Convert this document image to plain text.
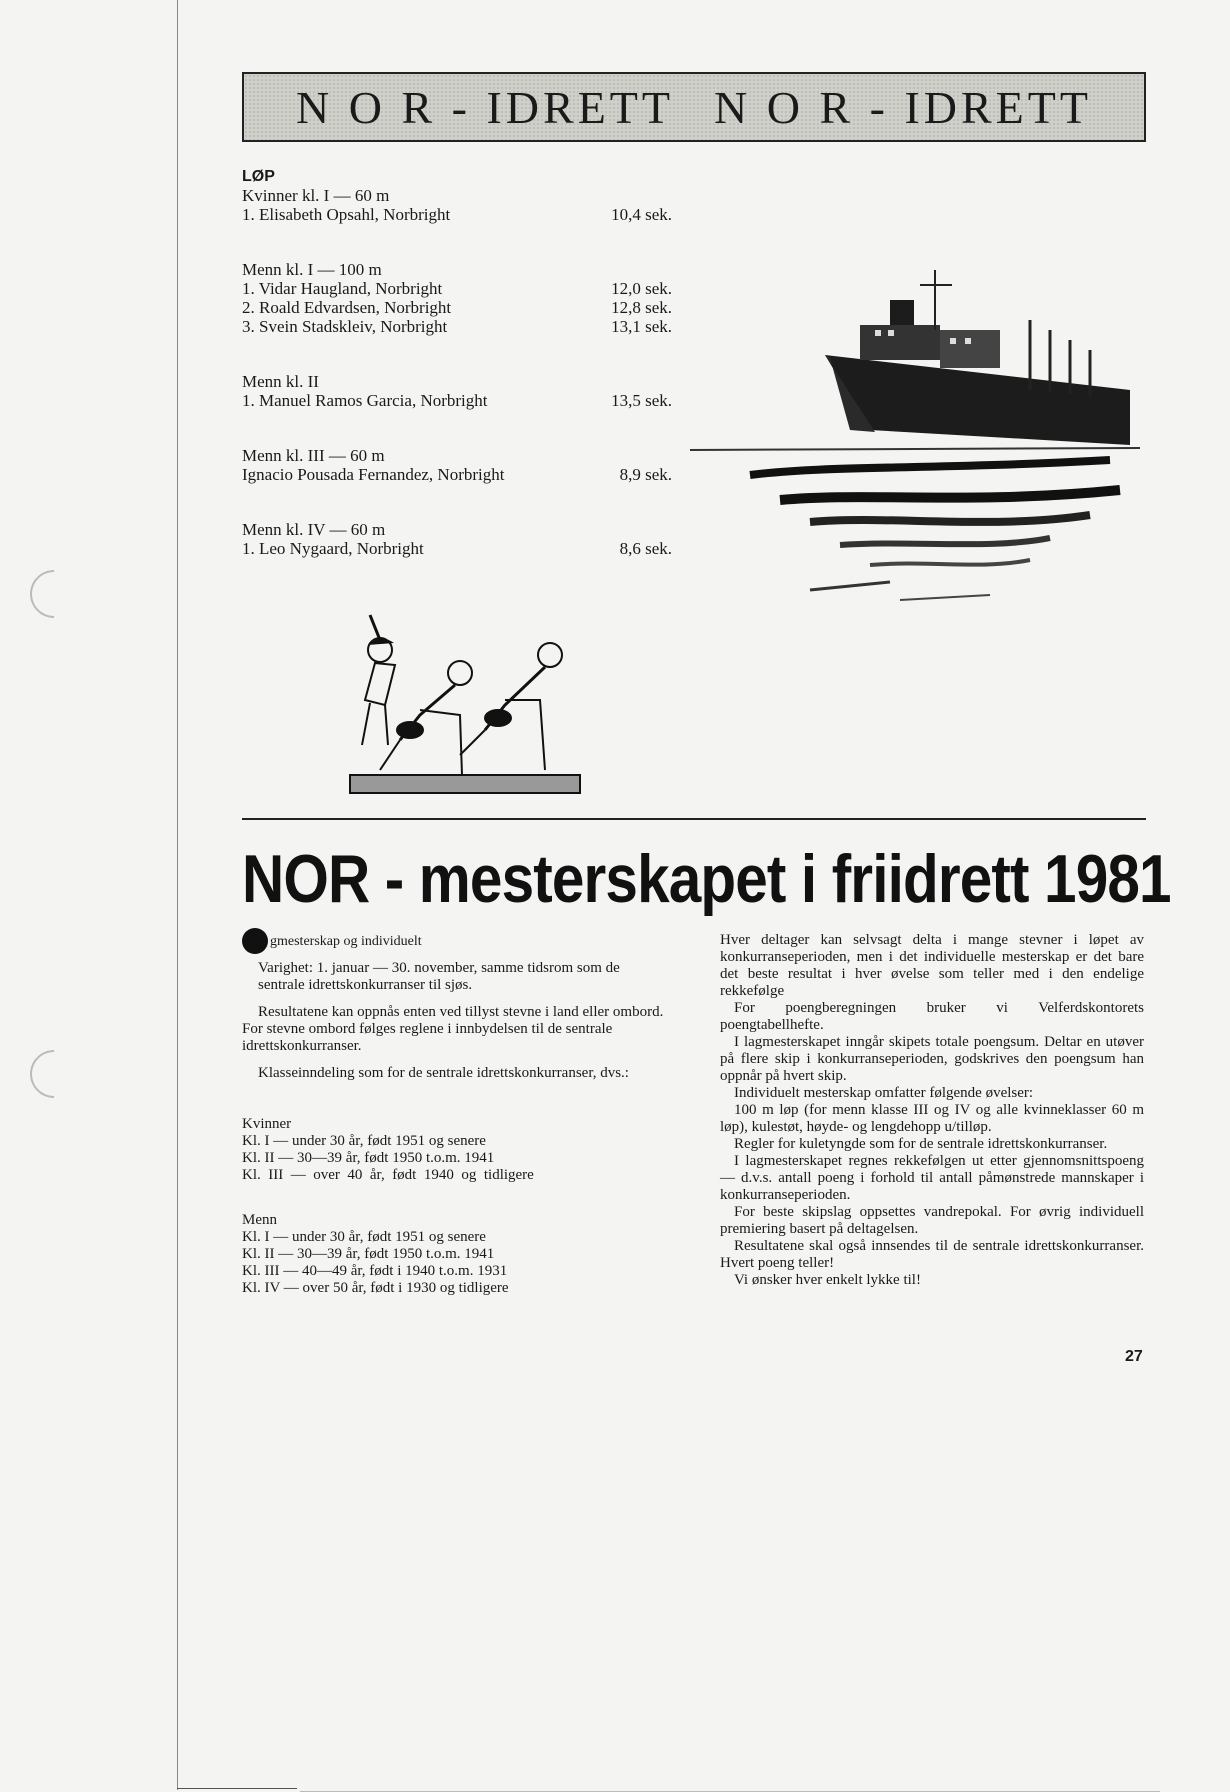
N O R - IDRETT N O R - IDRETT
LØP
Kvinner kl. I — 60 m
1. Elisabeth Opsahl, Norbright	10,4 sek.
Menn kl. I — 100 m
1. Vidar Haugland, Norbright	12,0 sek.
2. Roald Edvardsen, Norbright	12,8 sek.
3. Svein Stadskleiv, Norbright	13,1 sek.
Menn kl. II
1. Manuel Ramos Garcia, Norbright	13,5 sek.
Menn kl. III — 60 m
Ignacio Pousada Fernandez, Norbright	8,9 sek.
Menn kl. IV — 60 m
1. Leo Nygaard, Norbright	8,6 sek.
NOR - mesterskapet i friidrett 1981
gmesterskap og individuelt

Varighet: 1. januar — 30. november, samme tidsrom som de sentrale idrettskonkurranser til sjøs.

Resultatene kan oppnås enten ved tillyst stevne i land eller ombord. For stevne ombord følges reglene i innbydelsen til de sentrale idrettskonkurranser.

Klasseinndeling som for de sentrale idrettskonkurranser, dvs.:

Kvinner
Kl. I — under 30 år, født 1951 og senere
Kl. II — 30—39 år, født 1950 t.o.m. 1941
Kl.  III  —  over  40  år,  født  1940  og  tidligere
Menn
Kl. I — under 30 år, født 1951 og senere
Kl. II — 30—39 år, født 1950 t.o.m. 1941
Kl. III — 40—49 år, født i 1940 t.o.m. 1931
Kl. IV — over 50 år, født i 1930 og tidligere

Hver deltager kan selvsagt delta i mange stevner i løpet av konkurranseperioden, men i det individuelle mesterskap er det bare det beste resultat i hver øvelse som teller med i den endelige rekkefølge

For poengberegningen bruker vi Velferdskontorets poengtabellhefte.

I lagmesterskapet inngår skipets totale poengsum. Deltar en utøver på flere skip i konkurranseperioden, godskrives den poengsum han oppnår på hvert skip.

Individuelt mesterskap omfatter følgende øvelser:

100 m løp (for menn klasse III og IV og alle kvinneklasser 60 m løp), kulestøt, høyde- og lengdehopp u/tilløp.

Regler for kuletyngde som for de sentrale idrettskonkurranser.

I lagmesterskapet regnes rekkefølgen ut etter gjennomsnittspoeng — d.v.s. antall poeng i forhold til antall påmønstrede mannskaper i konkurranseperioden.

For beste skipslag oppsettes vandrepokal. For øvrig individuell premiering basert på deltagelsen.

Resultatene skal også innsendes til de sentrale idrettskonkurranser. Hvert poeng teller!

Vi ønsker hver enkelt lykke til!

27
